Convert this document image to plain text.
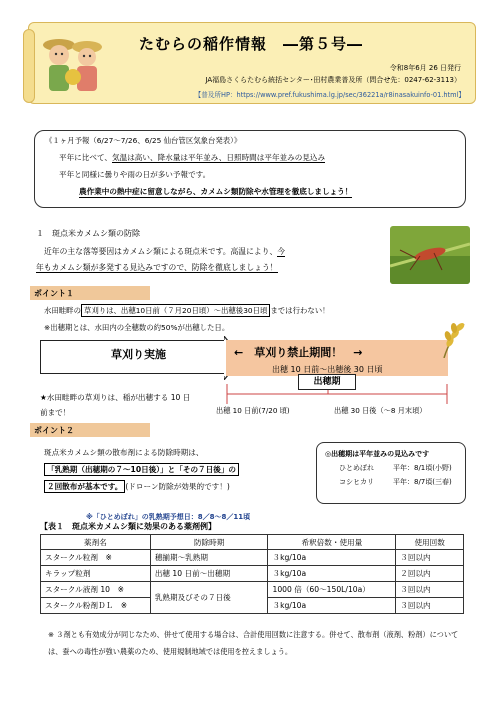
たむらの稲作情報　―第５号―
令和8年6月 26 日発行
JA福島さくらたむら統括センター･田村農業普及所（問合せ先：0247-62-3113）
【普及所HP：https://www.pref.fukushima.lg.jp/sec/36221a/r8inasakuinfo-01.html】
《１ヶ月予報（6/27～7/26、6/25 仙台管区気象台発表）》
平年に比べて、気温は高い、降水量は平年並み、日照時間は平年並みの見込み
平年と同様に曇りや雨の日が多い予報です。
農作業中の熱中症に留意しながら、カメムシ類防除や水管理を徹底しましょう！
１　斑点米カメムシ類の防除
近年の主な落等要因はカメムシ類による斑点米です。高温により、今
年もカメムシ類が多発する見込みですので、防除を徹底しましょう！
ポイント１
水田畦畔の 草刈りは、出穂10日前（７月20日頃）～出穂後30日頃 までは行わない！
※出穂期とは、水田内の全穂数の約50%が出穂した日。
草刈り実施	←　草刈り禁止期間！　→
出穂 10 日前～出穂後 30 日頃
出穂期
出穂 10 日前(7/20 頃)	出穂 30 日後（～8 月末頃）
★水田畦畔の草刈りは、稲が出穂する 10 日前まで！
ポイント２
斑点米カメムシ類の散布剤による防除時期は、
「乳熟期（出穂期の７～10日後）」と「その７日後」の
２回散布が基本です。 (ドローン防除が効果的です！)
※「ひとめぼれ」の乳熟期予想日：8／8～8／11頃
◎出穂期は平年並みの見込みです
ひとめぼれ	平年：8/1頃(小野)
コシヒカリ	平年：8/7頃(三春)
【表１　斑点米カメムシ類に効果のある薬剤例】
薬剤名	防除時期	希釈倍数・使用量	使用回数
スタークル粒剤　※	穂揃期～乳熟期	３kg/10a	３回以内
キラップ粒剤	出穂 10 日前～出穂期	３kg/10a	２回以内
スタークル液剤 10　※	乳熟期及びその７日後	1000 倍（60～150L/10a）	３回以内
スタークル粉剤ＤＬ　※		３kg/10a	３回以内
※ ３剤とも有効成分が同じなため、併せて使用する場合は、合計使用回数に注意する。併せて、散布剤（液剤、粉剤）については、蚕への毒性が強い農薬のため、使用規制地域では使用を控えましょう。
